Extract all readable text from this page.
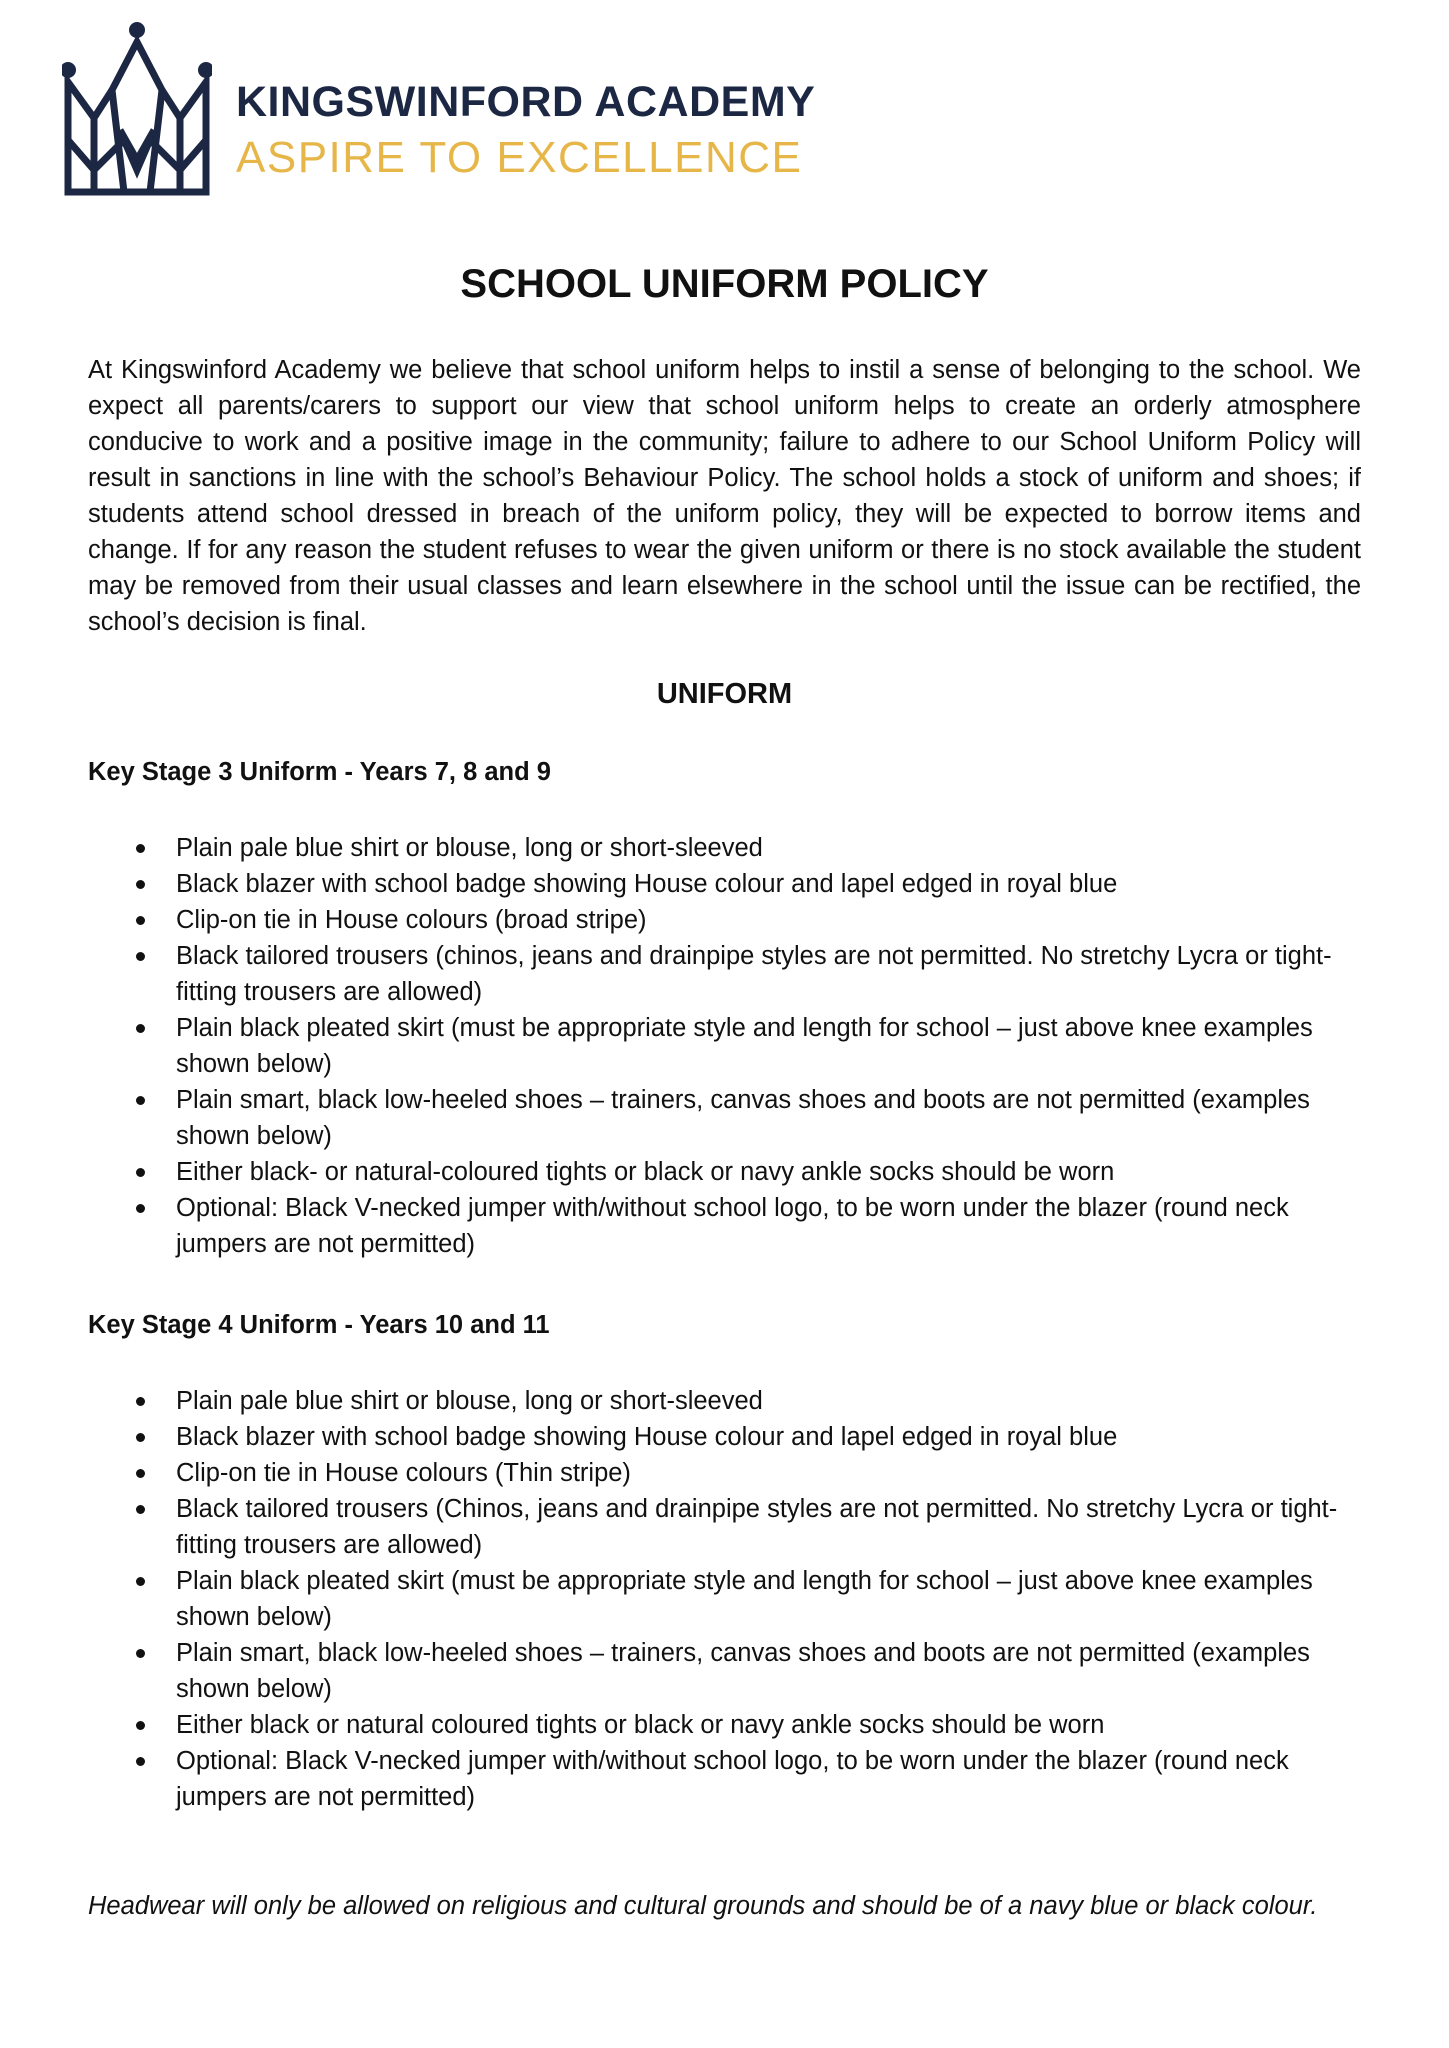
KINGSWINFORD ACADEMY
ASPIRE TO EXCELLENCE
SCHOOL UNIFORM POLICY

At Kingswinford Academy we believe that school uniform helps to instil a sense of belonging to the school. We expect all parents/carers to support our view that school uniform helps to create an orderly atmosphere conducive to work and a positive image in the community; failure to adhere to our School Uniform Policy will result in sanctions in line with the school’s Behaviour Policy. The school holds a stock of uniform and shoes; if students attend school dressed in breach of the uniform policy, they will be expected to borrow items and change. If for any reason the student refuses to wear the given uniform or there is no stock available the student may be removed from their usual classes and learn elsewhere in the school until the issue can be rectified, the school’s decision is final.

UNIFORM
Key Stage 3 Uniform - Years 7, 8 and 9
Plain pale blue shirt or blouse, long or short-sleeved
Black blazer with school badge showing House colour and lapel edged in royal blue
Clip-on tie in House colours (broad stripe)
Black tailored trousers (chinos, jeans and drainpipe styles are not permitted. No stretchy Lycra or tight-fitting trousers are allowed)
Plain black pleated skirt (must be appropriate style and length for school – just above knee examples shown below)
Plain smart, black low-heeled shoes – trainers, canvas shoes and boots are not permitted (examples shown below)
Either black- or natural-coloured tights or black or navy ankle socks should be worn
Optional: Black V-necked jumper with/without school logo, to be worn under the blazer (round neck jumpers are not permitted)
Key Stage 4 Uniform - Years 10 and 11
Plain pale blue shirt or blouse, long or short-sleeved
Black blazer with school badge showing House colour and lapel edged in royal blue
Clip-on tie in House colours (Thin stripe)
Black tailored trousers (Chinos, jeans and drainpipe styles are not permitted. No stretchy Lycra or tight-fitting trousers are allowed)
Plain black pleated skirt (must be appropriate style and length for school – just above knee examples shown below)
Plain smart, black low-heeled shoes – trainers, canvas shoes and boots are not permitted (examples shown below)
Either black or natural coloured tights or black or navy ankle socks should be worn
Optional: Black V-necked jumper with/without school logo, to be worn under the blazer (round neck jumpers are not permitted)

Headwear will only be allowed on religious and cultural grounds and should be of a navy blue or black colour.
